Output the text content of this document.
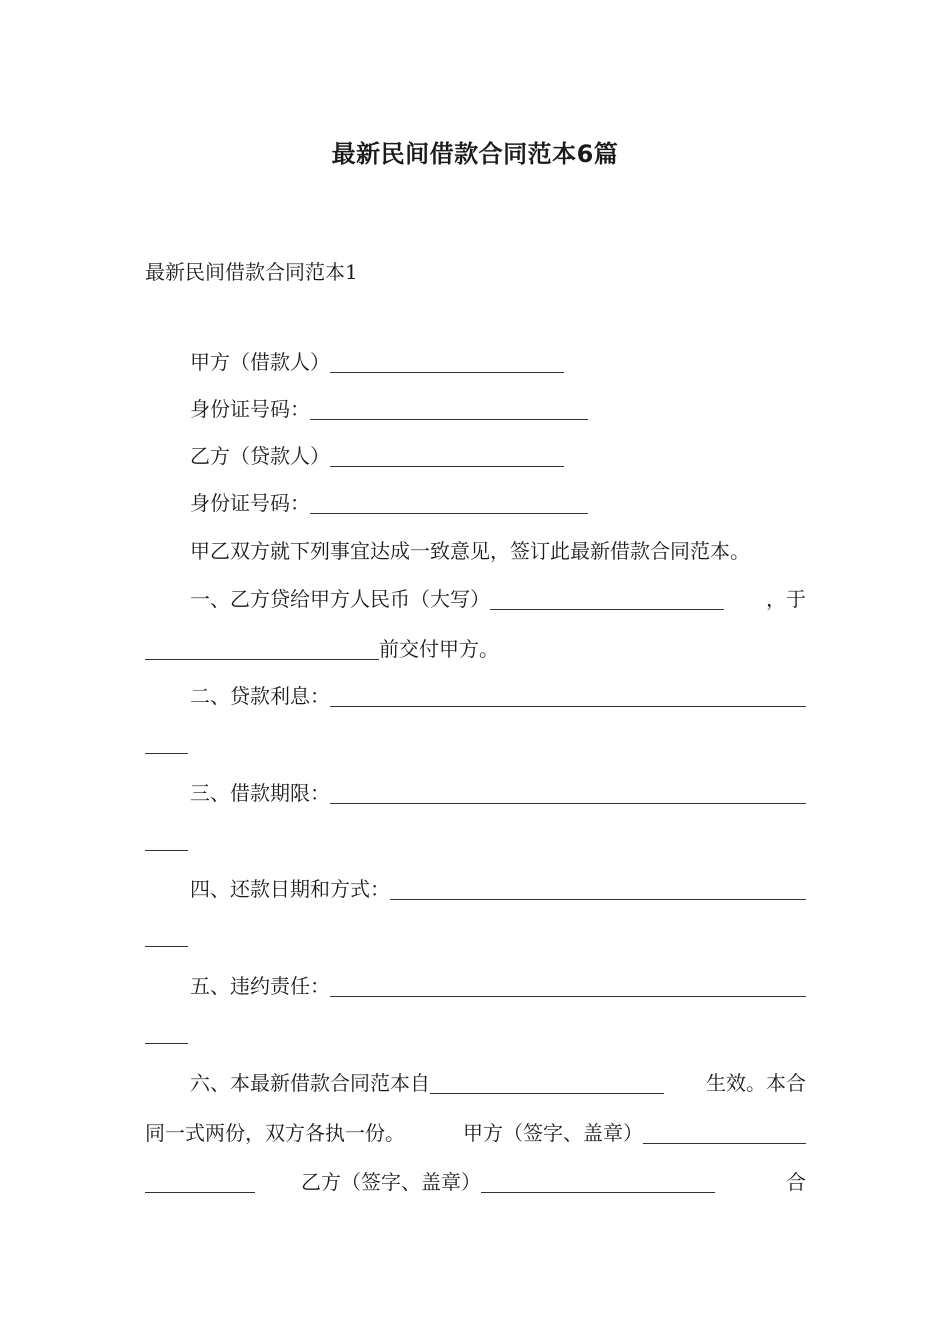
最新民间借款合同范本6篇
最新民间借款合同范本1
甲方（借款人）
身份证号码：
乙方（贷款人）
身份证号码：
甲乙双方就下列事宜达成一致意见，签订此最新借款合同范本。
一、乙方贷给甲方人民币（大写）	，于
前交付甲方。
二、贷款利息：
三、借款期限：
四、还款日期和方式：
五、违约责任：
六、本最新借款合同范本自	生效。本合
同一式两份，双方各执一份。	甲方（签字、盖章）
乙方（签字、盖章）	合
